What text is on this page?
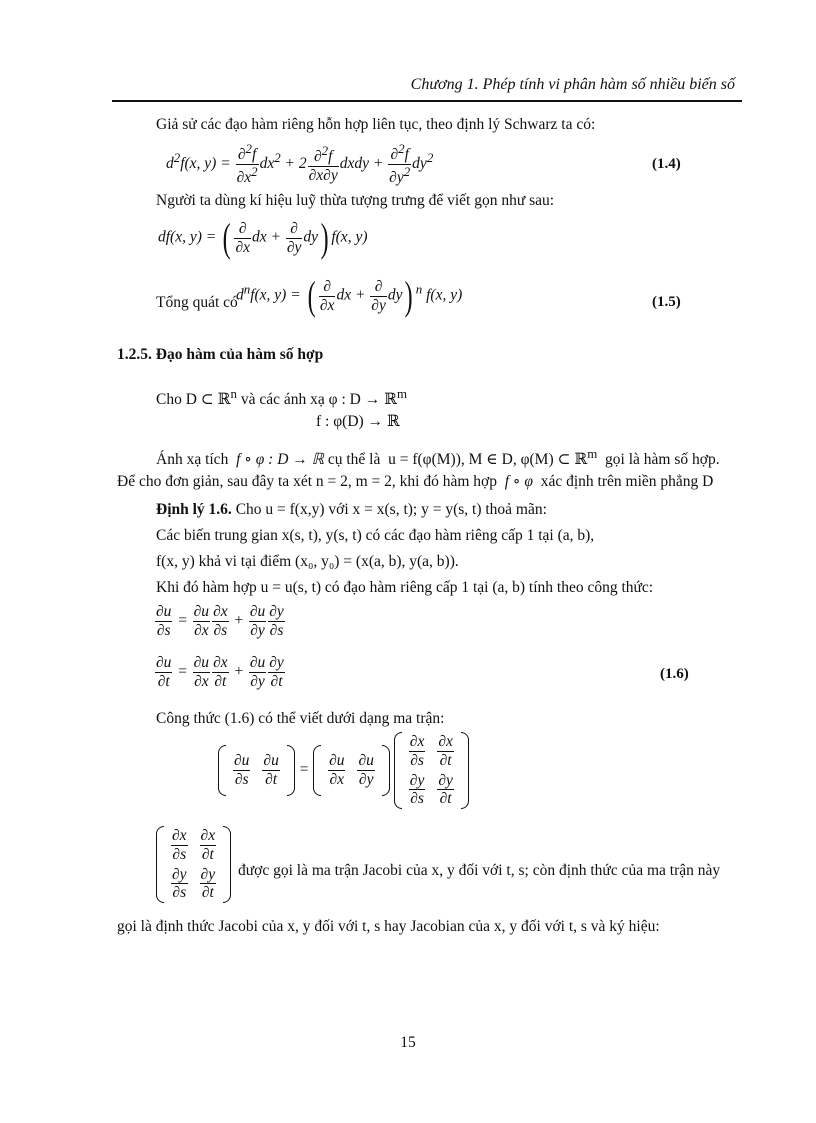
Chương 1. Phép tính vi phân hàm số nhiều biến số
Giả sử các đạo hàm riêng hỗn hợp liên tục, theo định lý Schwarz ta có:
$d^2f(x$, $y) = \frac{\partial^2f}{\partial x^2} dx^2 + 2 \frac{\partial^2f}{\partial x\partial y}$ dxdy + $\frac{\partial^2f}{\partial y^2} dy^2$	(1.4)
Người ta dùng kí hiệu luỹ thừa tượng trưng để viết gọn như sau:
df(x, y) = ( $\frac{\partial}{\partial x}$ dx + $\frac{\partial}{\partial y} dy$) f(x, y)
Tổng quát có
$d^nf(x$, y) = ( $\frac{\partial}{\partial x}$ dx + $\frac{\partial}{\partial y} dy$) $^n$ f(x, y)	(1.5)
1.2.5. Đạo hàm của hàm số hợp
Cho D ⊂ ℝ$^n$ và các ánh xạ φ : D → ℝ$^m$
f : φ(D) → ℝ
Ánh xạ tích  f ∘ φ : D → ℝ cụ thể là  u = f(φ(M)), M ∈ D, φ(M) ⊂ ℝ$^m$ gọi là hàm số hợp.
Để cho đơn giản, sau đây ta xét n = 2, m = 2, khi đó hàm hợp  f ∘ φ  xác định trên miền phẳng D
Định lý 1.6. Cho u = f(x,y) với x = x(s, t); y = y(s, t) thoả mãn:
Các biến trung gian x(s, t), y(s, t) có các đạo hàm riêng cấp 1 tại (a, b),
f(x, y) khả vi tại điểm (x₀, y₀) = (x(a, b), y(a, b)).
Khi đó hàm hợp u = u(s, t) có đạo hàm riêng cấp 1 tại (a, b) tính theo công thức:
$\frac{\partial u}{\partial s} = \frac{\partial u}{\partial x} \frac{\partial x}{\partial s} + \frac{\partial u}{\partial y} \frac{\partial y}{\partial s}$
$\frac{\partial u}{\partial t} = \frac{\partial u}{\partial x} \frac{\partial x}{\partial t} + \frac{\partial u}{\partial y} \frac{\partial y}{\partial t}$	(1.6)
Công thức (1.6) có thể viết dưới dạng ma trận:
$\frac{\partial u}{\partial s}$	$\frac{\partial u}{\partial t} = \frac{\partial u}{\partial x}$	$\frac{\partial u}{\partial y}$

$\frac{\partial x}{\partial s}$	$\frac{\partial x}{\partial t}$

$\frac{\partial y}{\partial s}$	$\frac{\partial y}{\partial t}$
$\frac{\partial x}{\partial s}$	$\frac{\partial x}{\partial t}$

$\frac{\partial y}{\partial s}$	$\frac{\partial y}{\partial t}$ được gọi là ma trận Jacobi của x, y đối với t, s; còn định thức của ma trận này
gọi là định thức Jacobi của x, y đối với t, s hay Jacobian của x, y đối với t, s và ký hiệu:
15
